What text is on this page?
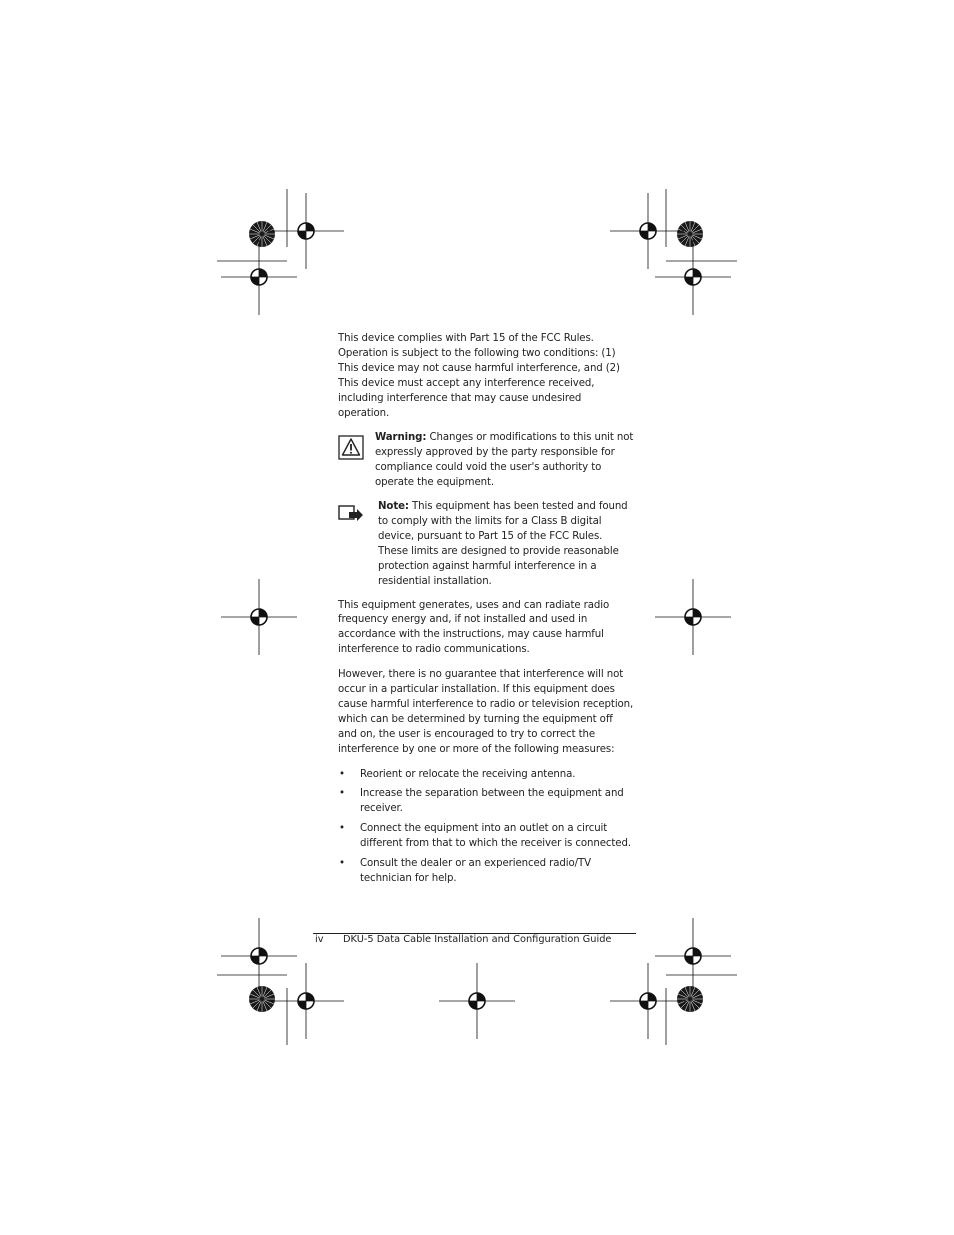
This device complies with Part 15 of the FCC Rules. Operation is subject to the following two conditions: (1) This device may not cause harmful interference, and (2) This device must accept any interference received, including interference that may cause undesired operation.

Warning: Changes or modifications to this unit not expressly approved by the party responsible for compliance could void the user's authority to operate the equipment.
Note: This equipment has been tested and found to comply with the limits for a Class B digital device, pursuant to Part 15 of the FCC Rules. These limits are designed to provide reasonable protection against harmful interference in a residential installation.

This equipment generates, uses and can radiate radio frequency energy and, if not installed and used in accordance with the instructions, may cause harmful interference to radio communications.

However, there is no guarantee that interference will not occur in a particular installation. If this equipment does cause harmful interference to radio or television reception, which can be determined by turning the equipment off and on, the user is encouraged to try to correct the interference by one or more of the following measures:

• Reorient or relocate the receiving antenna.
• Increase the separation between the equipment and receiver.
• Connect the equipment into an outlet on a circuit different from that to which the receiver is connected.
• Consult the dealer or an experienced radio/TV technician for help.
iv DKU-5 Data Cable Installation and Configuration Guide
